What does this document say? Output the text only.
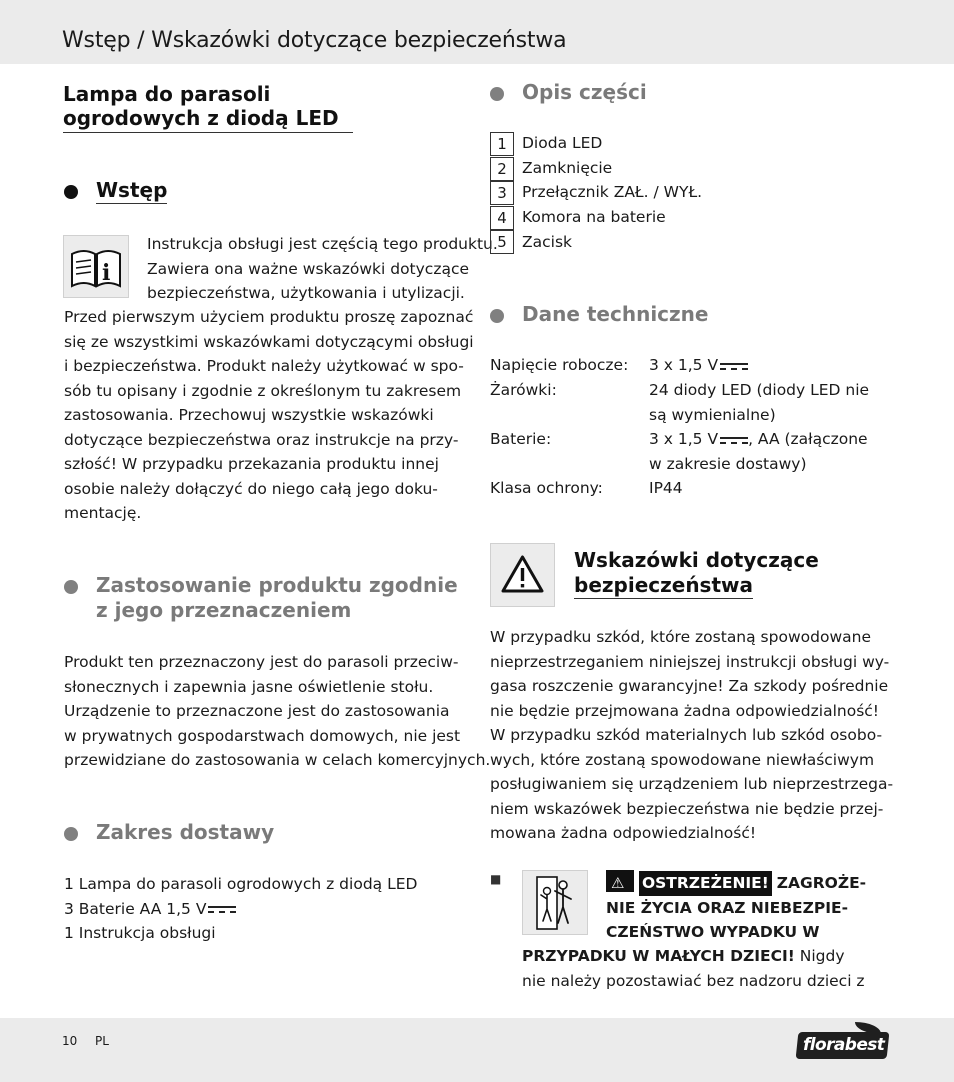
Wstęp / Wskazówki dotyczące bezpieczeństwa
Lampa do parasoli
ogrodowych z diodą LED
Wstęp
i
Instrukcja obsługi jest częścią tego produktu.
Zawiera ona ważne wskazówki dotyczące
bezpieczeństwa, użytkowania i utylizacji.
Przed pierwszym użyciem produktu proszę zapoznać
się ze wszystkimi wskazówkami dotyczącymi obsługi
i bezpieczeństwa. Produkt należy użytkować w spo-
sób tu opisany i zgodnie z określonym tu zakresem
zastosowania. Przechowuj wszystkie wskazówki
dotyczące bezpieczeństwa oraz instrukcje na przy-
szłość! W przypadku przekazania produktu innej
osobie należy dołączyć do niego całą jego doku-
mentację.
Zastosowanie produktu zgodnie
z jego przeznaczeniem
Produkt ten przeznaczony jest do parasoli przeciw-
słonecznych i zapewnia jasne oświetlenie stołu.
Urządzenie to przeznaczone jest do zastosowania
w prywatnych gospodarstwach domowych, nie jest
przewidziane do zastosowania w celach komercyjnych.
Zakres dostawy
1 Lampa do parasoli ogrodowych z diodą LED
3 Baterie AA 1,5 V
1 Instrukcja obsługi
Opis części
1 Dioda LED
2 Zamknięcie
3 Przełącznik ZAŁ. / WYŁ.
4 Komora na baterie
5 Zacisk
Dane techniczne
Napięcie robocze: 3 x 1,5 V
Żarówki:	24 diody LED (diody LED nie
są wymienialne)
Baterie:	3 x 1,5 V , AA (załączone
w zakresie dostawy)
Klasa ochrony:	IP44
Wskazówki dotyczące
bezpieczeństwa
W przypadku szkód, które zostaną spowodowane
nieprzestrzeganiem niniejszej instrukcji obsługi wy-
gasa roszczenie gwarancyjne! Za szkody pośrednie
nie będzie przejmowana żadna odpowiedzialność!
W przypadku szkód materialnych lub szkód osobo-
wych, które zostaną spowodowane niewłaściwym
posługiwaniem się urządzeniem lub nieprzestrzega-
niem wskazówek bezpieczeństwa nie będzie przej-
mowana żadna odpowiedzialność!
■	⚠ OSTRZEŻENIE! ZAGROŻE-
NIE ŻYCIA ORAZ NIEBEZPIE-
CZEŃSTWO WYPADKU W
PRZYPADKU W MAŁYCH DZIECI! Nigdy
nie należy pozostawiać bez nadzoru dzieci z
10 PL	florabest
